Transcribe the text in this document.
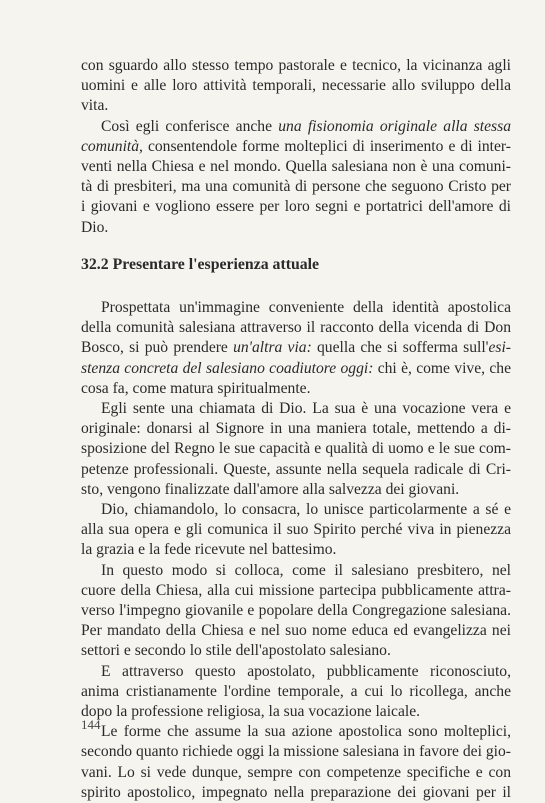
con sguardo allo stesso tempo pastorale e tecnico, la vicinanza agli
uomini e alle loro attività temporali, necessarie allo sviluppo della
vita.
Così egli conferisce anche una fisionomia originale alla stessa
comunità, consentendole forme molteplici di inserimento e di inter-
venti nella Chiesa e nel mondo. Quella salesiana non è una comuni-
tà di presbiteri, ma una comunità di persone che seguono Cristo per
i giovani e vogliono essere per loro segni e portatrici dell'amore di
Dio.
32.2 Presentare l'esperienza attuale
Prospettata un'immagine conveniente della identità apostolica
della comunità salesiana attraverso il racconto della vicenda di Don
Bosco, si può prendere un'altra via: quella che si sofferma sull'esi-
stenza concreta del salesiano coadiutore oggi: chi è, come vive, che
cosa fa, come matura spiritualmente.
Egli sente una chiamata di Dio. La sua è una vocazione vera e
originale: donarsi al Signore in una maniera totale, mettendo a di-
sposizione del Regno le sue capacità e qualità di uomo e le sue com-
petenze professionali. Queste, assunte nella sequela radicale di Cri-
sto, vengono finalizzate dall'amore alla salvezza dei giovani.
Dio, chiamandolo, lo consacra, lo unisce particolarmente a sé e
alla sua opera e gli comunica il suo Spirito perché viva in pienezza
la grazia e la fede ricevute nel battesimo.
In questo modo si colloca, come il salesiano presbitero, nel
cuore della Chiesa, alla cui missione partecipa pubblicamente attra-
verso l'impegno giovanile e popolare della Congregazione salesiana.
Per mandato della Chiesa e nel suo nome educa ed evangelizza nei
settori e secondo lo stile dell'apostolato salesiano.
E attraverso questo apostolato, pubblicamente riconosciuto,
anima cristianamente l'ordine temporale, a cui lo ricollega, anche
dopo la professione religiosa, la sua vocazione laicale.
Le forme che assume la sua azione apostolica sono molteplici,
secondo quanto richiede oggi la missione salesiana in favore dei gio-
vani. Lo si vede dunque, sempre con competenze specifiche e con
spirito apostolico, impegnato nella preparazione dei giovani per il
144
